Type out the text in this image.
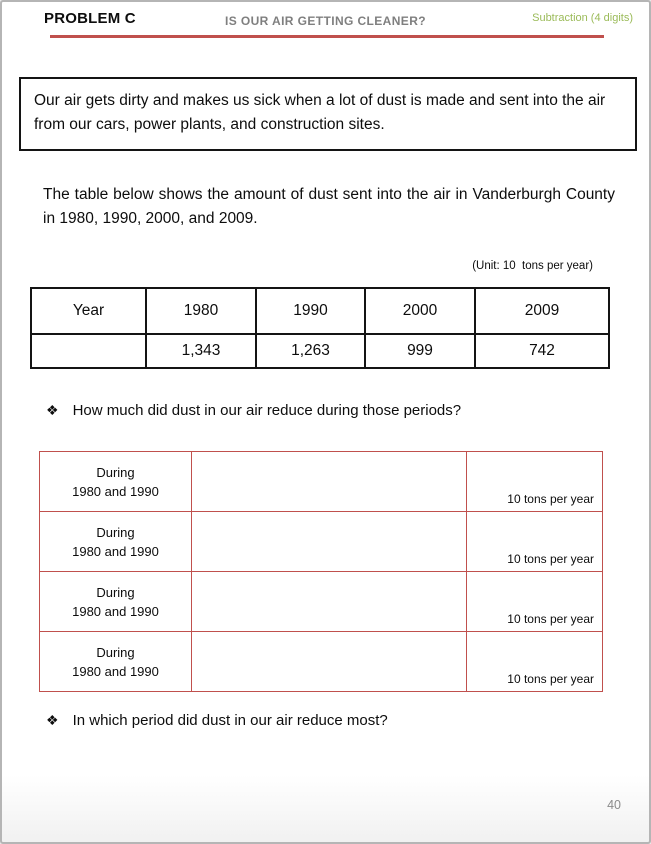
PROBLEM C	IS OUR AIR GETTING CLEANER?	Subtraction (4 digits)
Our air gets dirty and makes us sick when a lot of dust is made and sent into the air from our cars, power plants, and construction sites.
The table below shows the amount of dust sent into the air in Vanderburgh County in 1980, 1990, 2000, and 2009.
(Unit: 10  tons per year)
Year	1980	1990	2000	2009
	1,343	1,263	999	742
❖ How much did dust in our air reduce during those periods?
During
1980 and 1990		10 tons per year

During
1980 and 1990		10 tons per year

During
1980 and 1990		10 tons per year

During
1980 and 1990		10 tons per year
❖ In which period did dust in our air reduce most?
40
